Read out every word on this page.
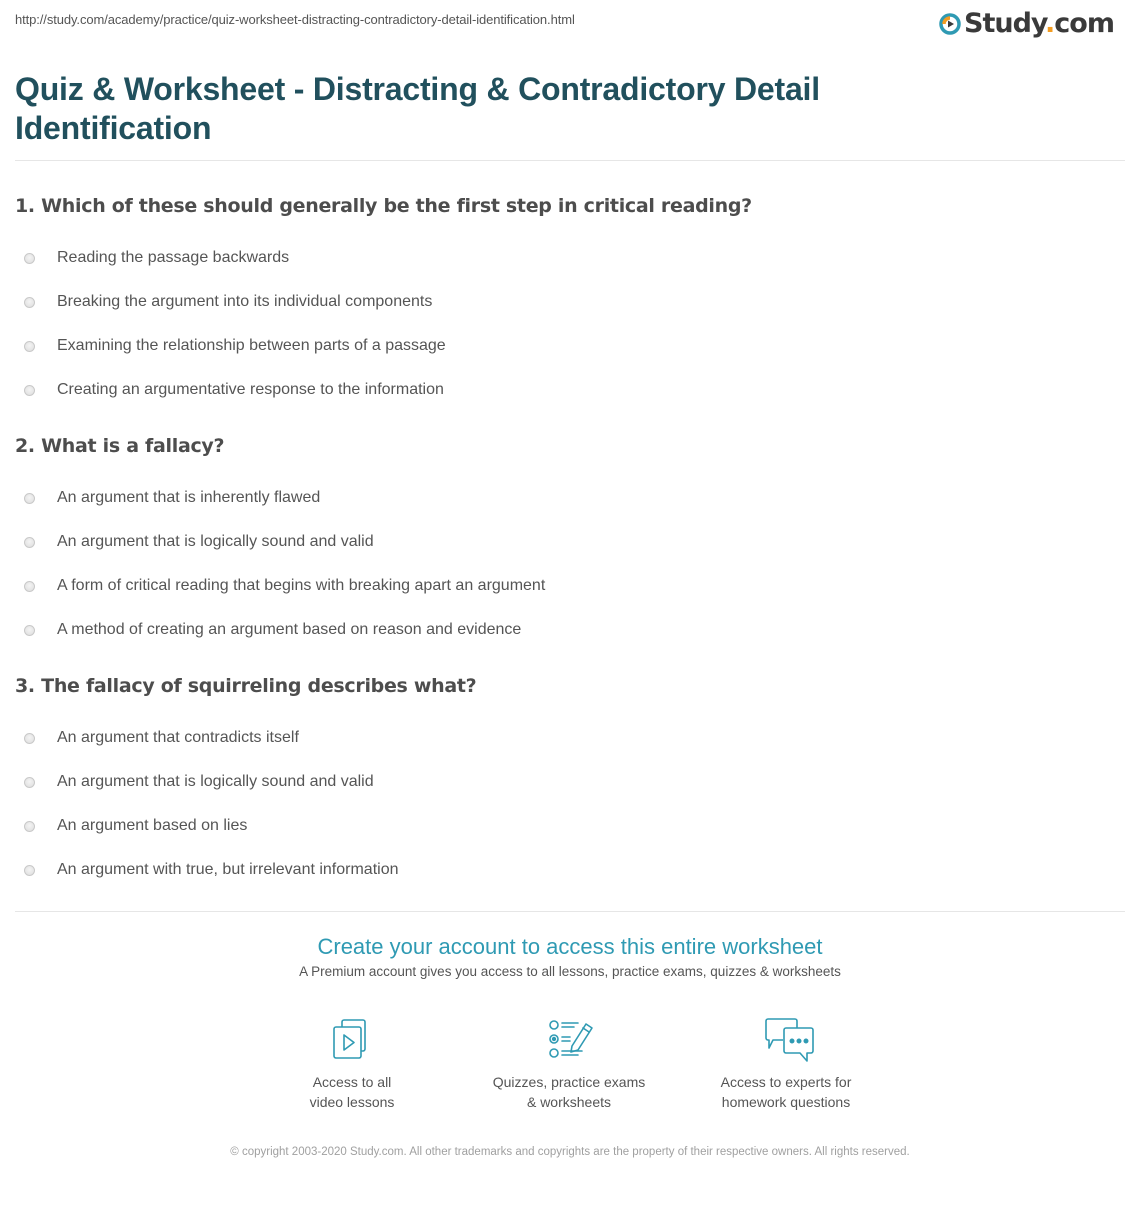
http://study.com/academy/practice/quiz-worksheet-distracting-contradictory-detail-identification.html	Study.com
Quiz & Worksheet - Distracting & Contradictory Detail Identification
1. Which of these should generally be the first step in critical reading?
Reading the passage backwards
Breaking the argument into its individual components
Examining the relationship between parts of a passage
Creating an argumentative response to the information
2. What is a fallacy?
An argument that is inherently flawed
An argument that is logically sound and valid
A form of critical reading that begins with breaking apart an argument
A method of creating an argument based on reason and evidence
3. The fallacy of squirreling describes what?
An argument that contradicts itself
An argument that is logically sound and valid
An argument based on lies
An argument with true, but irrelevant information
Create your account to access this entire worksheet
A Premium account gives you access to all lessons, practice exams, quizzes & worksheets
Access to all
video lessons
Quizzes, practice exams
& worksheets
Access to experts for
homework questions
© copyright 2003-2020 Study.com. All other trademarks and copyrights are the property of their respective owners. All rights reserved.
